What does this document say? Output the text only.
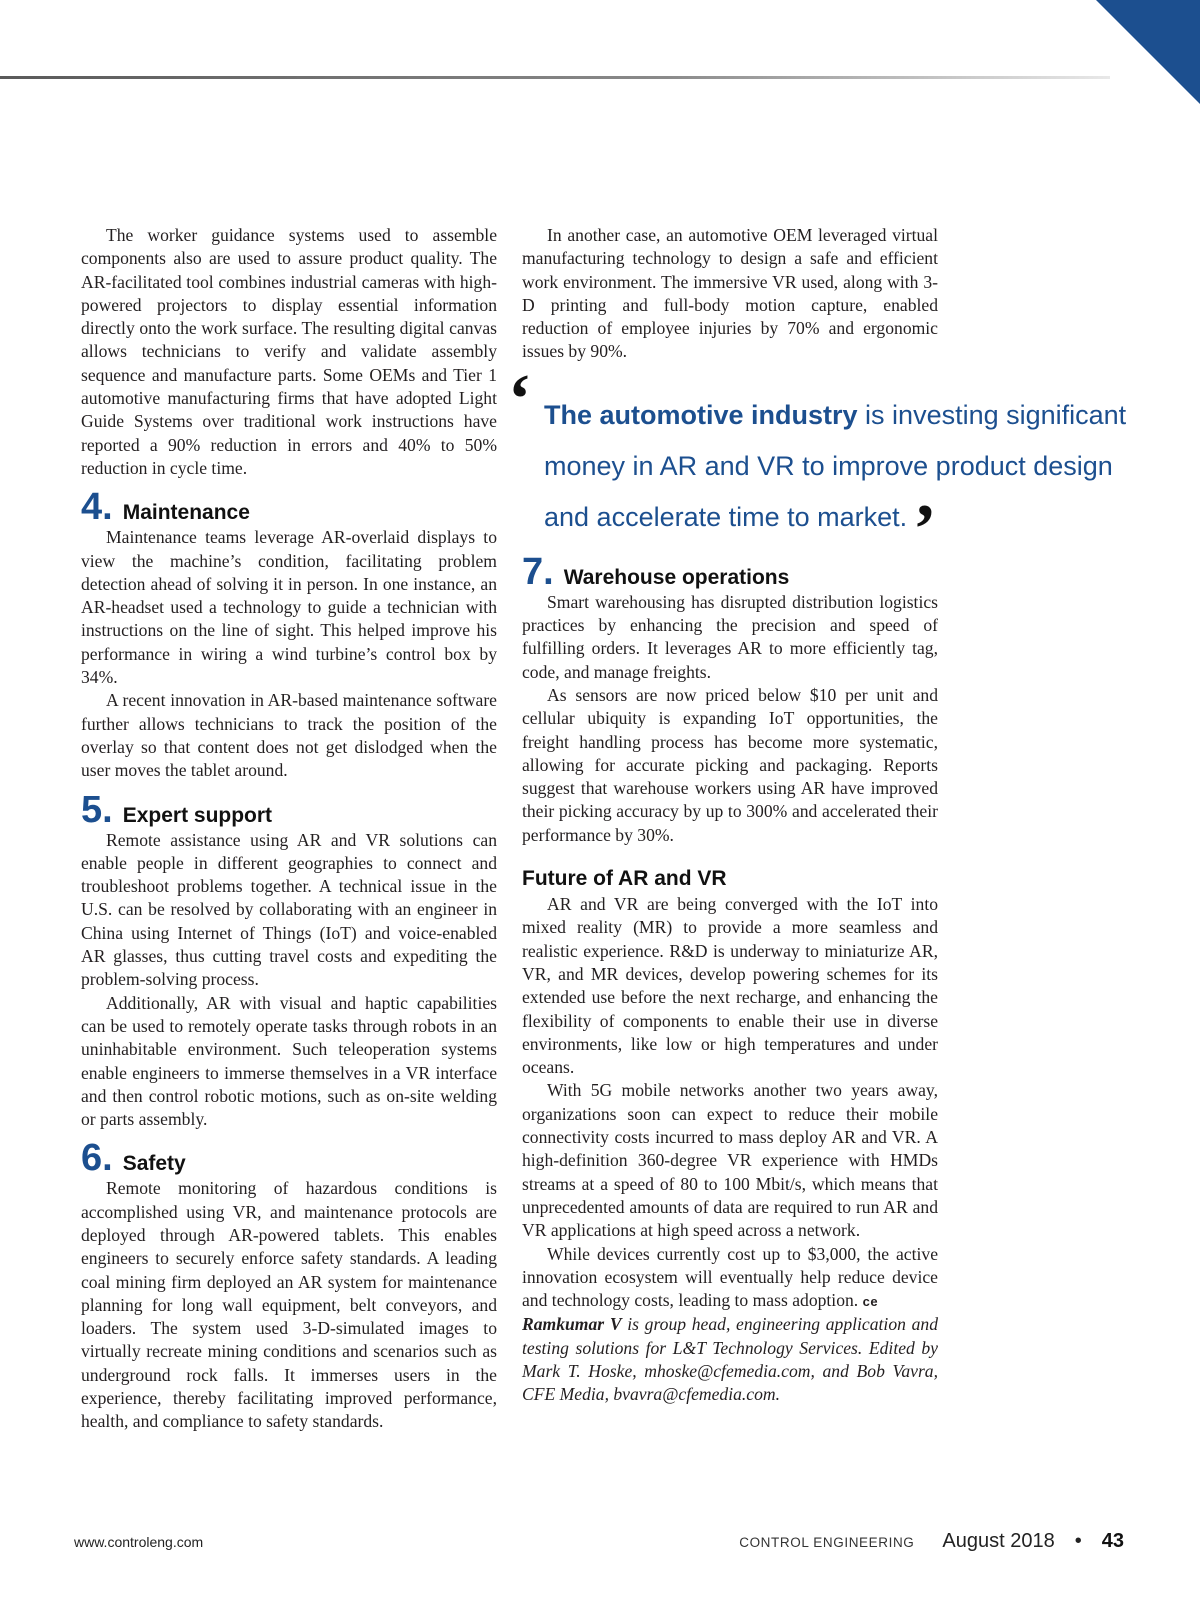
The worker guidance systems used to assemble components also are used to assure product quality. The AR-facilitated tool combines industrial cameras with high-powered projectors to display essential information directly onto the work surface. The resulting digital canvas allows technicians to verify and validate assembly sequence and manufacture parts. Some OEMs and Tier 1 automotive manufacturing firms that have adopted Light Guide Systems over traditional work instructions have reported a 90% reduction in errors and 40% to 50% reduction in cycle time.

4. Maintenance

Maintenance teams leverage AR-overlaid displays to view the machine’s condition, facilitating problem detection ahead of solving it in person. In one instance, an AR-headset used a technology to guide a technician with instructions on the line of sight. This helped improve his performance in wiring a wind turbine’s control box by 34%.

A recent innovation in AR-based maintenance software further allows technicians to track the position of the overlay so that content does not get dislodged when the user moves the tablet around.

5. Expert support

Remote assistance using AR and VR solutions can enable people in different geographies to connect and troubleshoot problems together. A technical issue in the U.S. can be resolved by collaborating with an engineer in China using Internet of Things (IoT) and voice-enabled AR glasses, thus cutting travel costs and expediting the problem-solving process.

Additionally, AR with visual and haptic capabilities can be used to remotely operate tasks through robots in an uninhabitable environment. Such teleoperation systems enable engineers to immerse themselves in a VR interface and then control robotic motions, such as on-site welding or parts assembly.

6. Safety

Remote monitoring of hazardous conditions is accomplished using VR, and maintenance protocols are deployed through AR-powered tablets. This enables engineers to securely enforce safety standards. A leading coal mining firm deployed an AR system for maintenance planning for long wall equipment, belt conveyors, and loaders. The system used 3-D-simulated images to virtually recreate mining conditions and scenarios such as underground rock falls. It immerses users in the experience, thereby facilitating improved performance, health, and compliance to safety standards.

In another case, an automotive OEM leveraged virtual manufacturing technology to design a safe and efficient work environment. The immersive VR used, along with 3-D printing and full-body motion capture, enabled reduction of employee injuries by 70% and ergonomic issues by 90%.

‘ The automotive industry is investing significant money in AR and VR to improve product design and accelerate time to market.’
7. Warehouse operations

Smart warehousing has disrupted distribution logistics practices by enhancing the precision and speed of fulfilling orders. It leverages AR to more efficiently tag, code, and manage freights.

As sensors are now priced below $10 per unit and cellular ubiquity is expanding IoT opportunities, the freight handling process has become more systematic, allowing for accurate picking and packaging. Reports suggest that warehouse workers using AR have improved their picking accuracy by up to 300% and accelerated their performance by 30%.

Future of AR and VR

AR and VR are being converged with the IoT into mixed reality (MR) to provide a more seamless and realistic experience. R&D is underway to miniaturize AR, VR, and MR devices, develop powering schemes for its extended use before the next recharge, and enhancing the flexibility of components to enable their use in diverse environments, like low or high temperatures and under oceans.

With 5G mobile networks another two years away, organizations soon can expect to reduce their mobile connectivity costs incurred to mass deploy AR and VR. A high-definition 360-degree VR experience with HMDs streams at a speed of 80 to 100 Mbit/s, which means that unprecedented amounts of data are required to run AR and VR applications at high speed across a network.

While devices currently cost up to $3,000, the active innovation ecosystem will eventually help reduce device and technology costs, leading to mass adoption. ce

Ramkumar V is group head, engineering application and testing solutions for L&T Technology Services. Edited by Mark T. Hoske, mhoske@cfemedia.com, and Bob Vavra, CFE Media, bvavra@cfemedia.com.

www.controleng.com	CONTROL ENGINEERING August 2018 • 43
